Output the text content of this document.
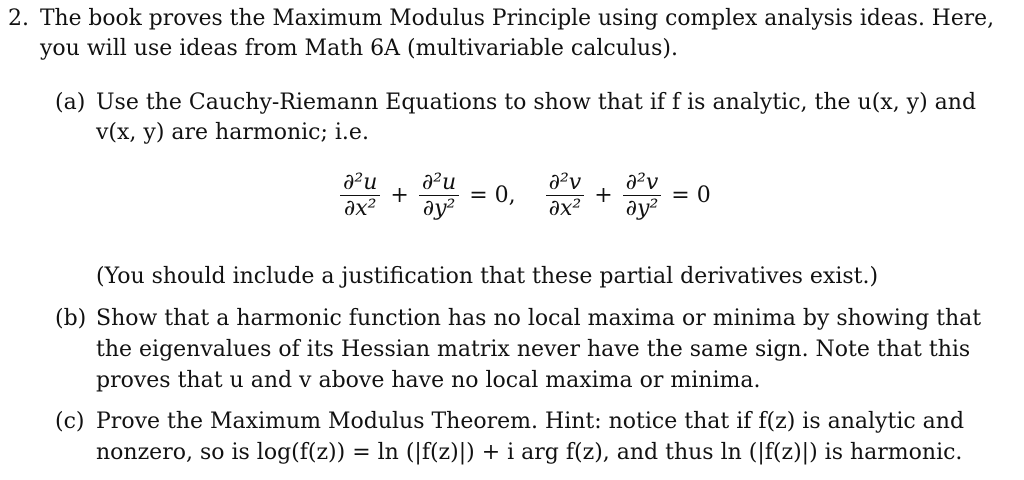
2. The book proves the Maximum Modulus Principle using complex analysis ideas. Here,
you will use ideas from Math 6A (multivariable calculus).
(a) Use the Cauchy-Riemann Equations to show that if f is analytic, the u(x, y) and
v(x, y) are harmonic; i.e.
$\frac{\text{∂²u}}{\text{∂x²}} + \frac{\text{∂²u}}{\text{∂y²}} = 0$, $\frac{\text{∂²v}}{\text{∂x²}} + \frac{\text{∂²v}}{\text{∂y²}} = 0$
(You should include a justification that these partial derivatives exist.)
(b) Show that a harmonic function has no local maxima or minima by showing that
the eigenvalues of its Hessian matrix never have the same sign. Note that this
proves that u and v above have no local maxima or minima.
(c) Prove the Maximum Modulus Theorem. Hint: notice that if f(z) is analytic and
nonzero, so is log(f(z)) = ln (|f(z)|) + i arg f(z), and thus ln (|f(z)|) is harmonic.
